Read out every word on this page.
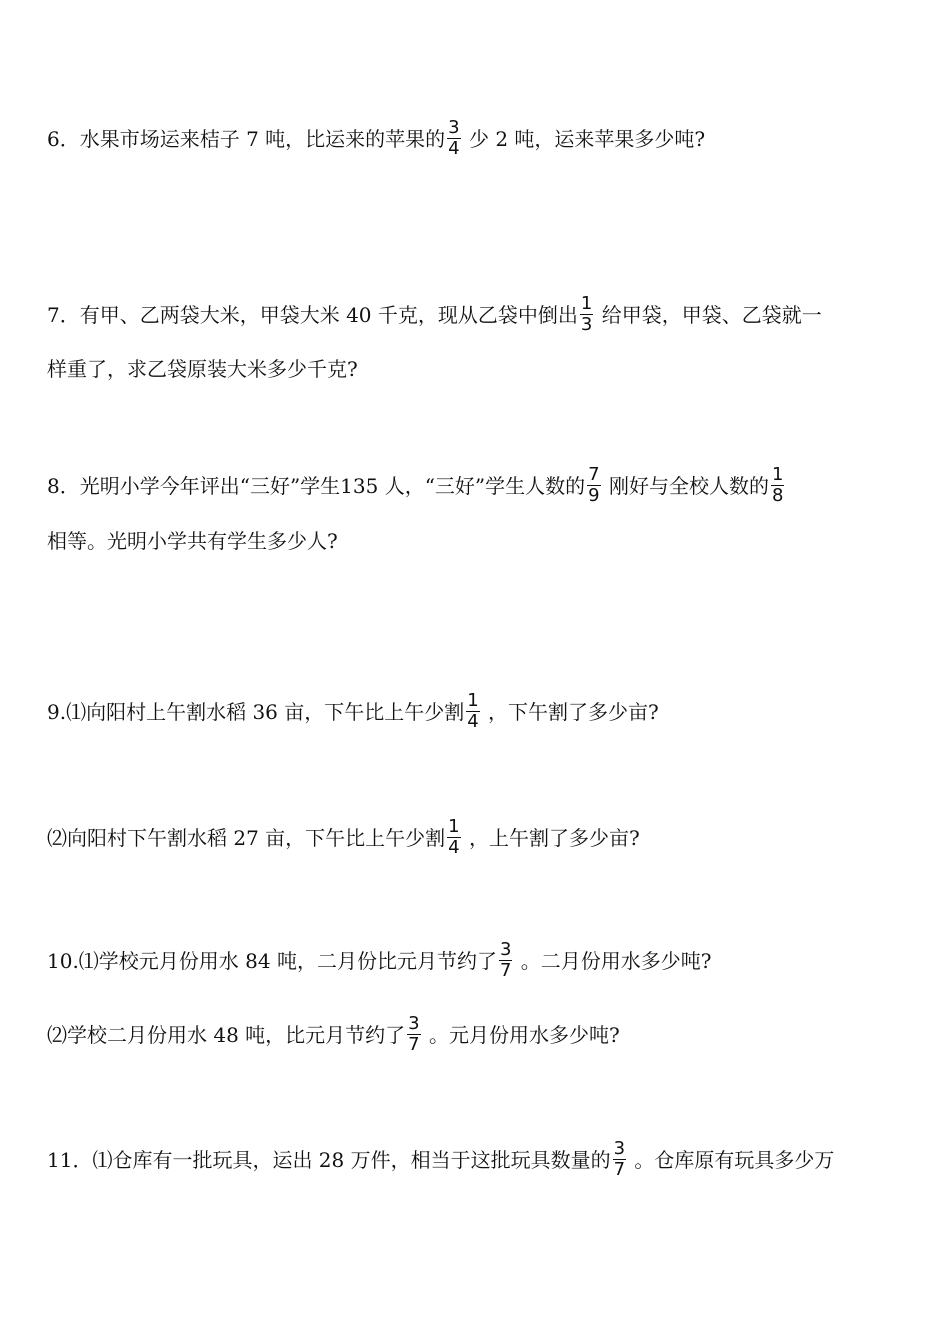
6．水果市场运来桔子 7 吨，比运来的苹果的 $\frac{3}{4}$ 少 2 吨，运来苹果多少吨?
7．有甲、乙两袋大米，甲袋大米 40 千克，现从乙袋中倒出 $\frac{1}{3}$ 给甲袋，甲袋、乙袋就一
样重了，求乙袋原装大米多少千克?
8．光明小学今年评出“三好”学生135 人，“三好”学生人数的 $\frac{7}{9}$ 刚好与全校人数的 $\frac{1}{8}$
相等。光明小学共有学生多少人?
9.⑴向阳村上午割水稻 36 亩，下午比上午少割 $\frac{1}{4}$ ，下午割了多少亩?
⑵向阳村下午割水稻 27 亩，下午比上午少割 $\frac{1}{4}$ ，上午割了多少亩?
10.⑴学校元月份用水 84 吨，二月份比元月节约了 $\frac{3}{7}$ 。二月份用水多少吨?
⑵学校二月份用水 48 吨，比元月节约了 $\frac{3}{7}$ 。元月份用水多少吨?
11．⑴仓库有一批玩具，运出 28 万件，相当于这批玩具数量的 $\frac{3}{7}$ 。仓库原有玩具多少万
